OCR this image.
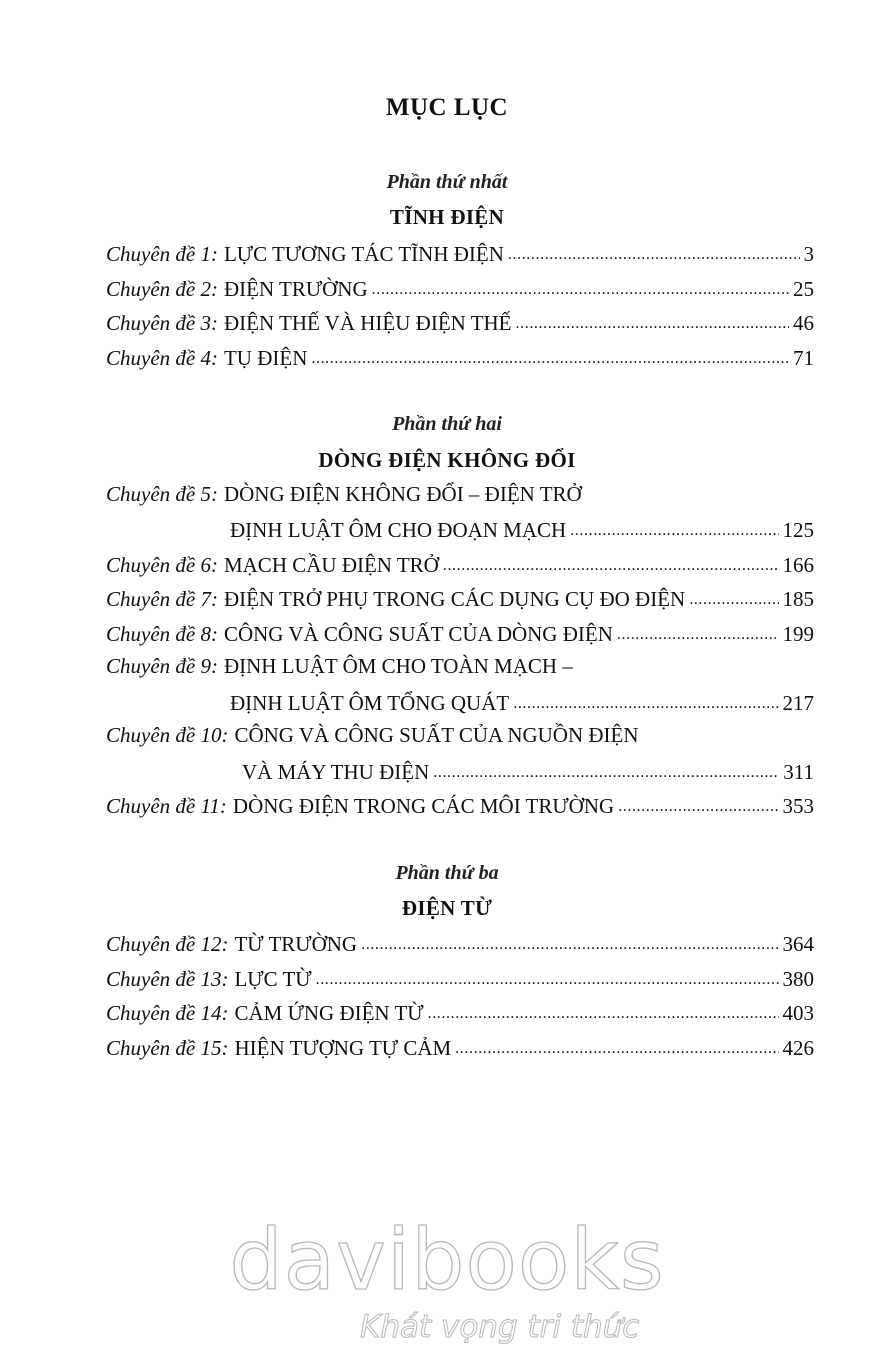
MỤC LỤC
Phần thứ nhất
TĨNH ĐIỆN
Chuyên đề 1: LỰC TƯƠNG TÁC TĨNH ĐIỆN .....	3
Chuyên đề 2: ĐIỆN TRƯỜNG .....	25
Chuyên đề 3: ĐIỆN THẾ VÀ HIỆU ĐIỆN THẾ .....	46
Chuyên đề 4: TỤ ĐIỆN .....	71
Phần thứ hai
DÒNG ĐIỆN KHÔNG ĐỔI
Chuyên đề 5: DÒNG ĐIỆN KHÔNG ĐỔI – ĐIỆN TRỞ
ĐỊNH LUẬT ÔM CHO ĐOẠN MẠCH .....	125
Chuyên đề 6: MẠCH CẦU ĐIỆN TRỞ .....	166
Chuyên đề 7: ĐIỆN TRỞ PHỤ TRONG CÁC DỤNG CỤ ĐO ĐIỆN .....	185
Chuyên đề 8: CÔNG VÀ CÔNG SUẤT CỦA DÒNG ĐIỆN .....	199
Chuyên đề 9: ĐỊNH LUẬT ÔM CHO TOÀN MẠCH –
ĐỊNH LUẬT ÔM TỔNG QUÁT .....	217
Chuyên đề 10: CÔNG VÀ CÔNG SUẤT CỦA NGUỒN ĐIỆN
VÀ MÁY THU ĐIỆN .....	311
Chuyên đề 11: DÒNG ĐIỆN TRONG CÁC MÔI TRƯỜNG .....	353
Phần thứ ba
ĐIỆN TỪ
Chuyên đề 12: TỪ TRƯỜNG .....	364
Chuyên đề 13: LỰC TỪ .....	380
Chuyên đề 14: CẢM ỨNG ĐIỆN TỪ .....	403
Chuyên đề 15: HIỆN TƯỢNG TỰ CẢM .....	426
davibooks
Khát vọng tri thức
